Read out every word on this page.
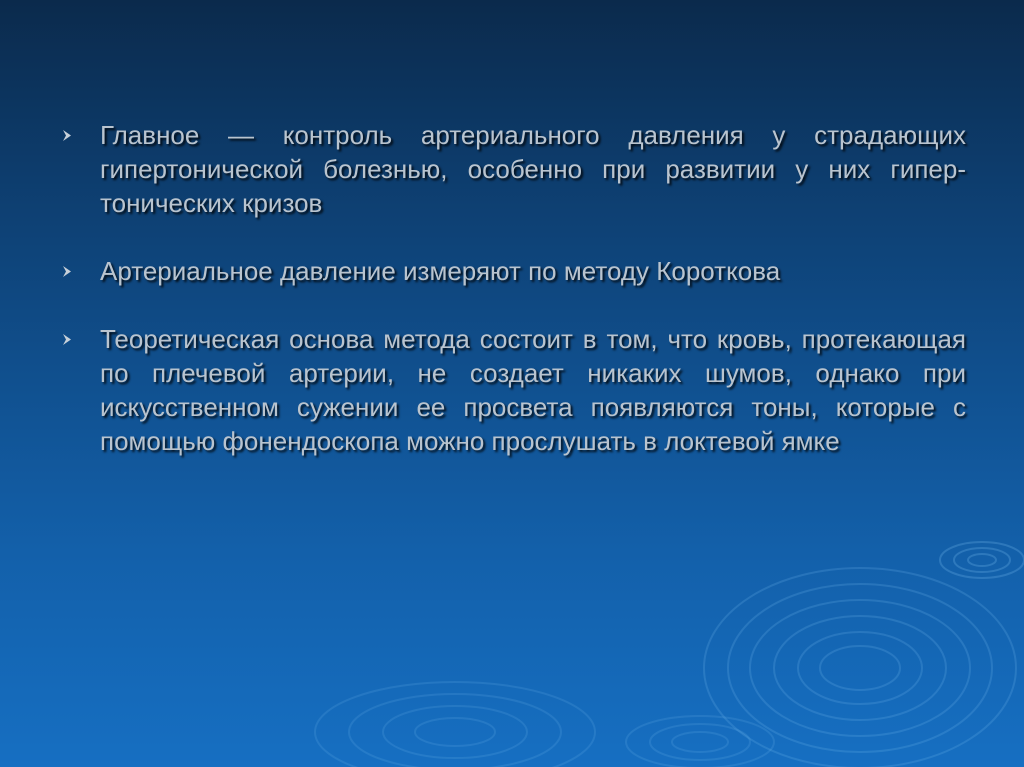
Главное — контроль артериального давления у страдающих гипертонической болезнью, особенно при развитии у них гипер-тонических кризов
Артериальное давление измеряют по методу Короткова
Теоретическая основа метода состоит в том, что кровь, протекающая по плечевой артерии, не создает никаких шумов, однако при искусственном сужении ее просвета появляются тоны, которые с помощью фонендоскопа можно прослушать в локтевой ямке
